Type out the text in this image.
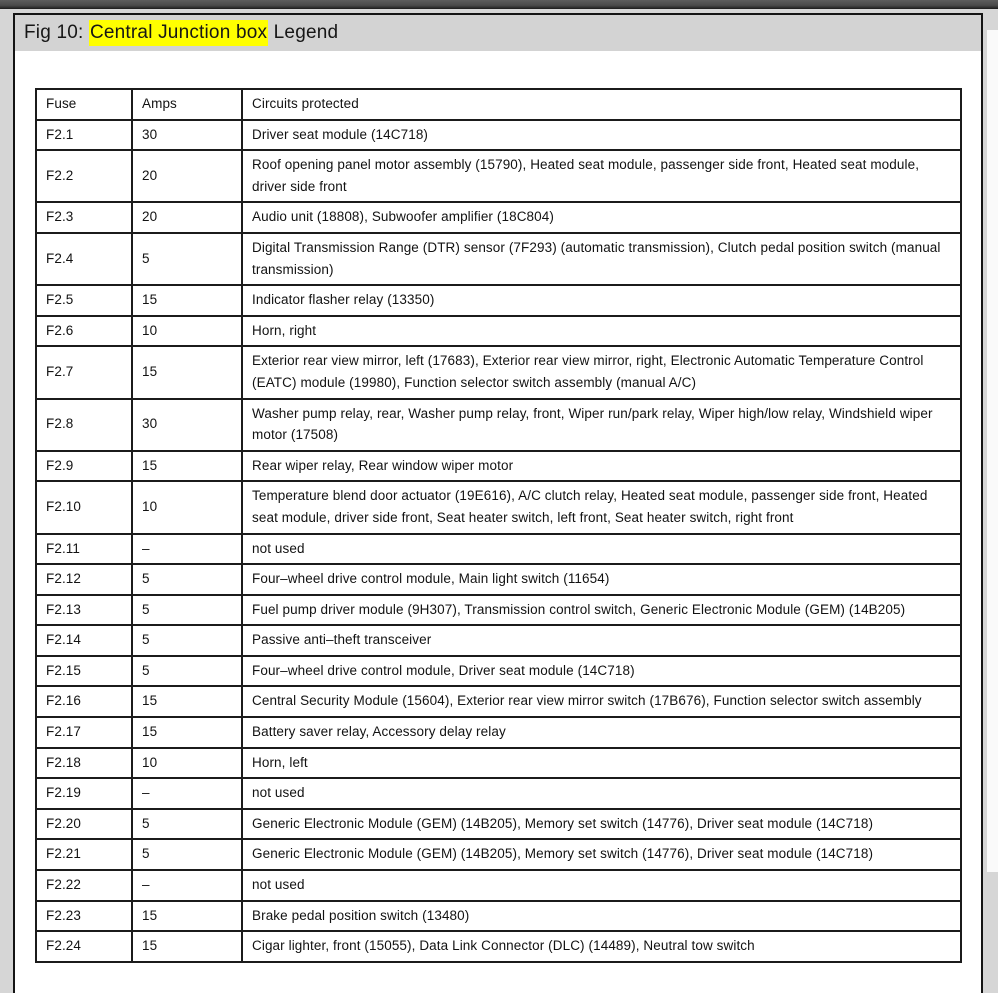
Fig 10: Central Junction box Legend
Fuse	Amps	Circuits protected
F2.1	30	Driver seat module (14C718)
F2.2	20	Roof opening panel motor assembly (15790), Heated seat module, passenger side front, Heated seat module, driver side front
F2.3	20	Audio unit (18808), Subwoofer amplifier (18C804)
F2.4	5	Digital Transmission Range (DTR) sensor (7F293) (automatic transmission), Clutch pedal position switch (manual transmission)
F2.5	15	Indicator flasher relay (13350)
F2.6	10	Horn, right
F2.7	15	Exterior rear view mirror, left (17683), Exterior rear view mirror, right, Electronic Automatic Temperature Control (EATC) module (19980), Function selector switch assembly (manual A/C)
F2.8	30	Washer pump relay, rear, Washer pump relay, front, Wiper run/park relay, Wiper high/low relay, Windshield wiper motor (17508)
F2.9	15	Rear wiper relay, Rear window wiper motor
F2.10	10	Temperature blend door actuator (19E616), A/C clutch relay, Heated seat module, passenger side front, Heated seat module, driver side front, Seat heater switch, left front, Seat heater switch, right front
F2.11	–	not used
F2.12	5	Four–wheel drive control module, Main light switch (11654)
F2.13	5	Fuel pump driver module (9H307), Transmission control switch, Generic Electronic Module (GEM) (14B205)
F2.14	5	Passive anti–theft transceiver
F2.15	5	Four–wheel drive control module, Driver seat module (14C718)
F2.16	15	Central Security Module (15604), Exterior rear view mirror switch (17B676), Function selector switch assembly
F2.17	15	Battery saver relay, Accessory delay relay
F2.18	10	Horn, left
F2.19	–	not used
F2.20	5	Generic Electronic Module (GEM) (14B205), Memory set switch (14776), Driver seat module (14C718)
F2.21	5	Generic Electronic Module (GEM) (14B205), Memory set switch (14776), Driver seat module (14C718)
F2.22	–	not used
F2.23	15	Brake pedal position switch (13480)
F2.24	15	Cigar lighter, front (15055), Data Link Connector (DLC) (14489), Neutral tow switch
